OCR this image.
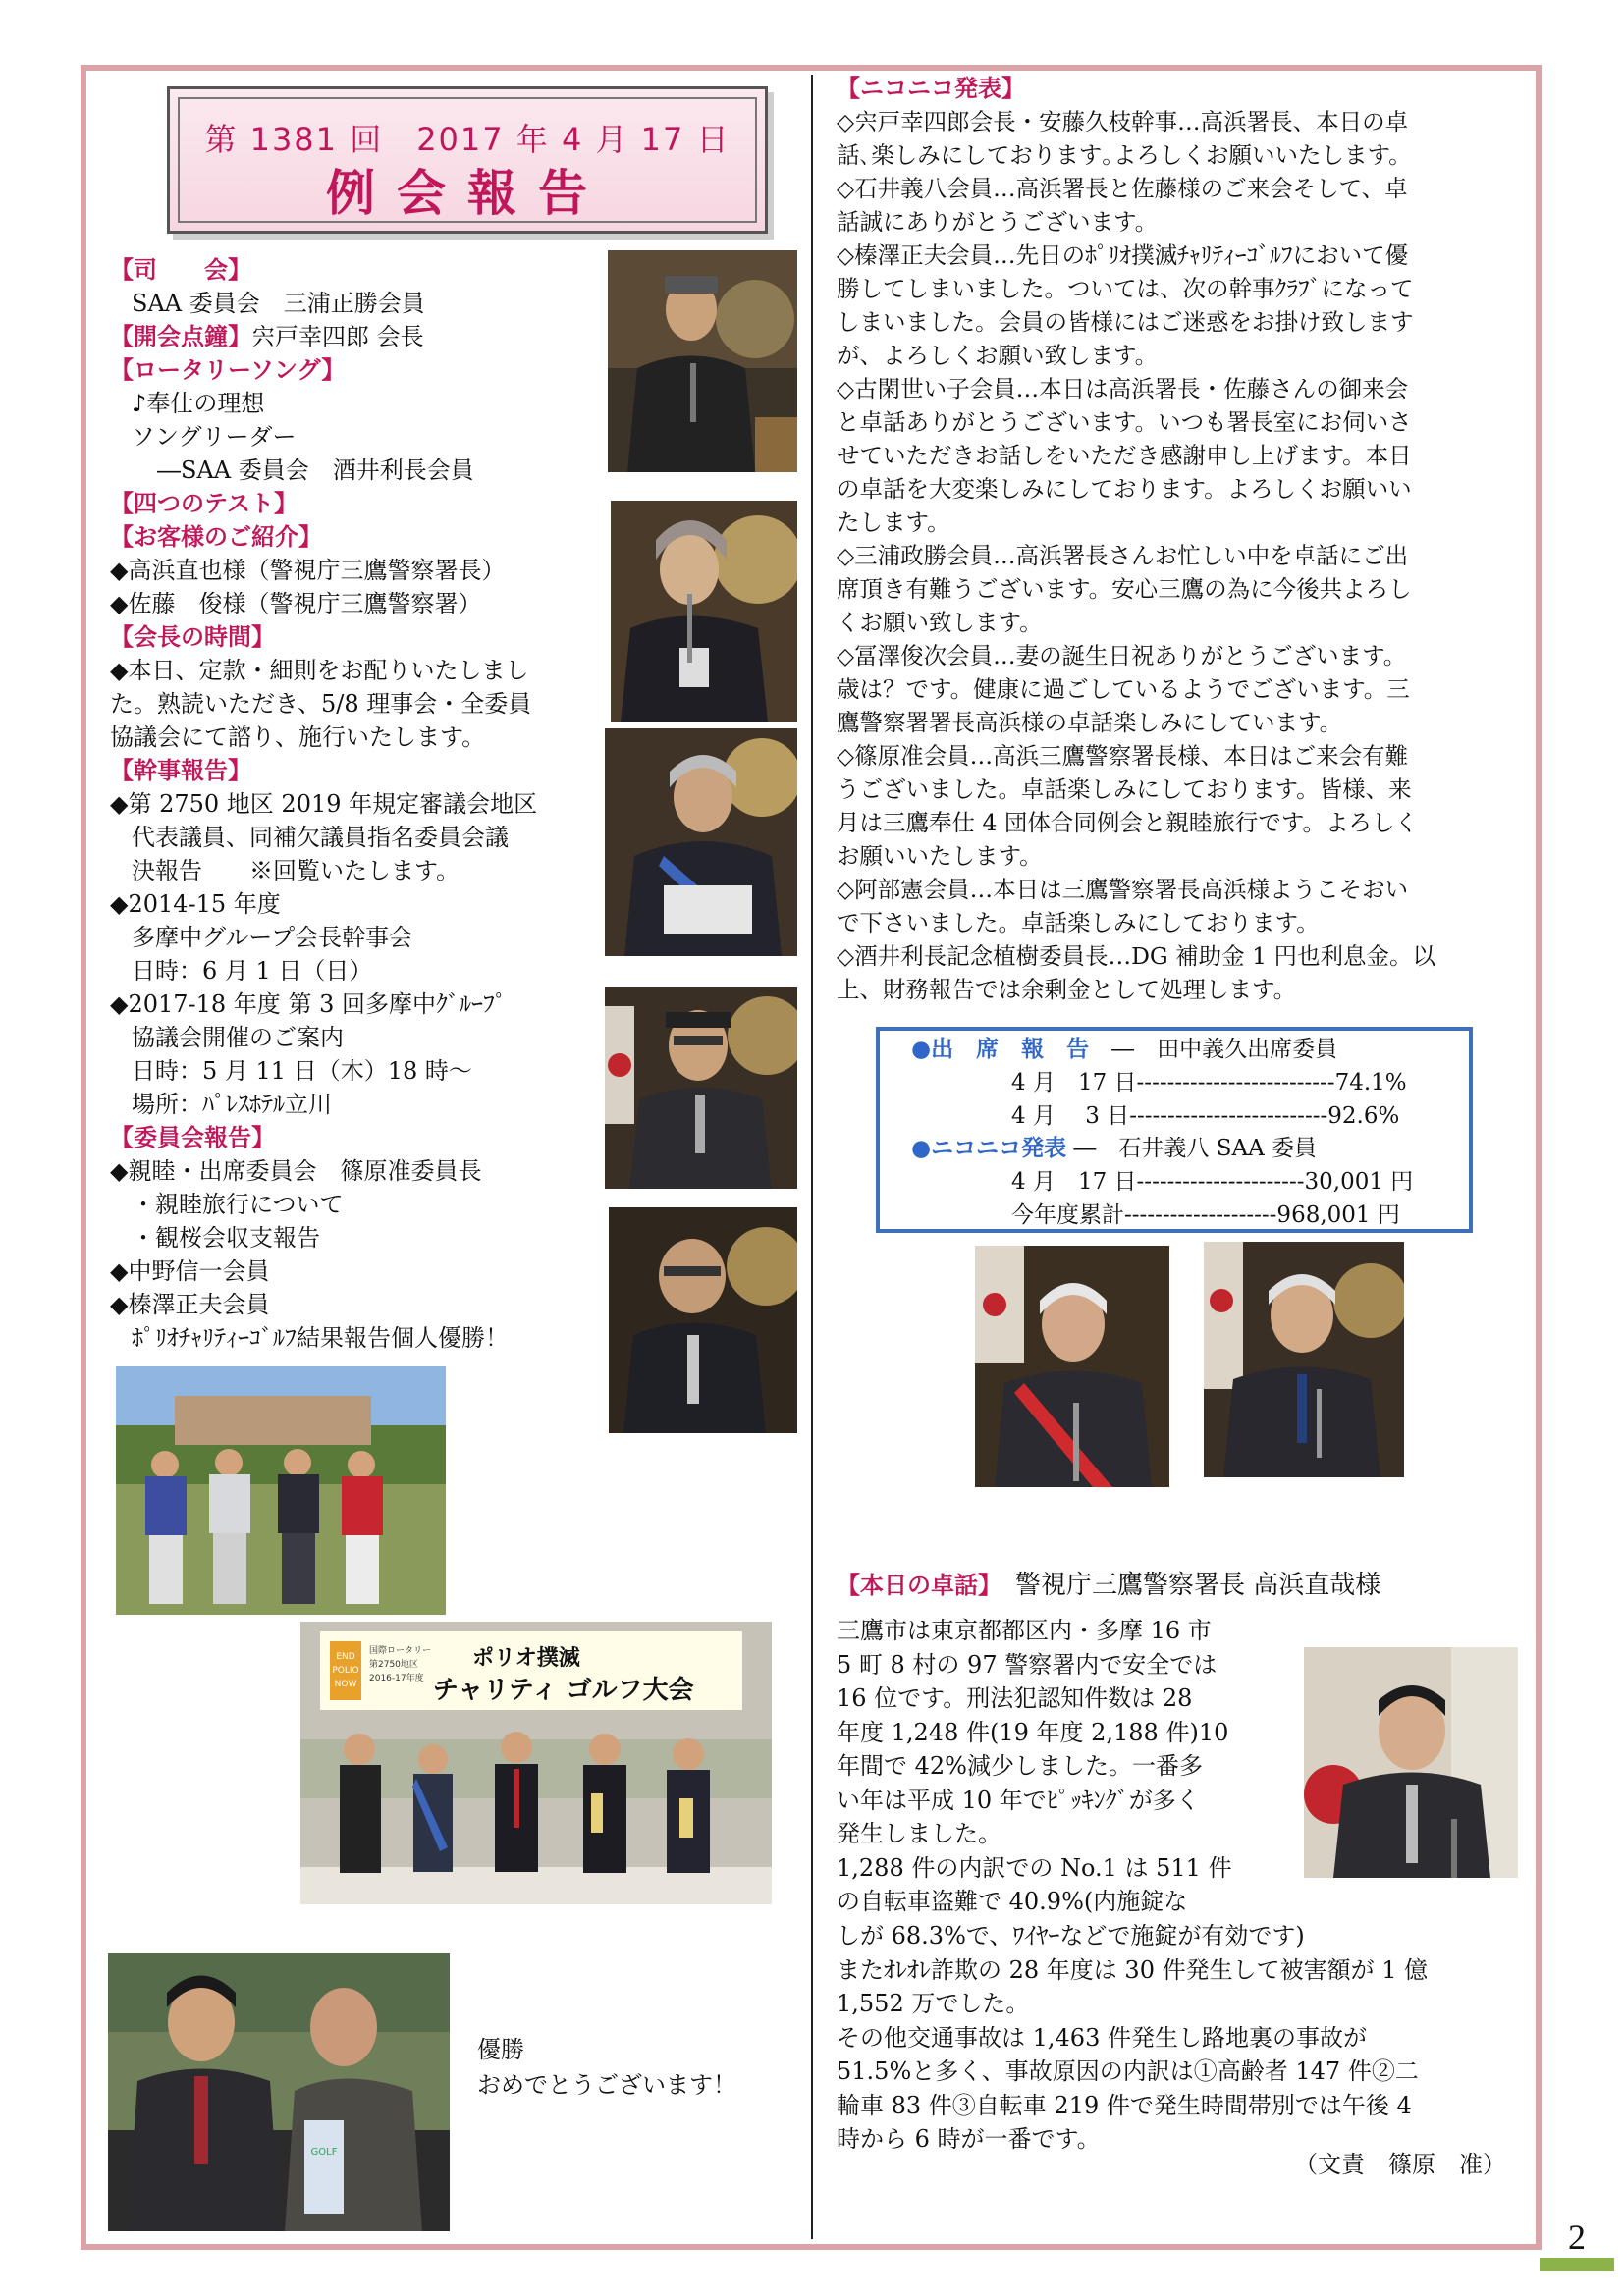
第 1381 回　2017 年 4 月 17 日
例会報告
【司　　会】
SAA 委員会　三浦正勝会員
【開会点鐘】宍戸幸四郎 会長
【ロータリーソング】
♪奉仕の理想
ソングリーダー
―SAA 委員会　酒井利長会員
【四つのテスト】
【お客様のご紹介】
◆高浜直也様（警視庁三鷹警察署長）
◆佐藤　俊様（警視庁三鷹警察署）
【会長の時間】
◆本日、定款・細則をお配りいたしまし
た。熟読いただき、5/8 理事会・全委員
協議会にて諮り、施行いたします。
【幹事報告】
◆第 2750 地区 2019 年規定審議会地区
代表議員、同補欠議員指名委員会議
決報告　　※回覧いたします。
◆2014-15 年度
多摩中グループ会長幹事会
日時：6 月 1 日（日）
◆2017-18 年度 第 3 回多摩中ｸﾞﾙｰﾌﾟ
協議会開催のご案内
日時：5 月 11 日（木）18 時～
場所：ﾊﾟﾚｽﾎﾃﾙ立川
【委員会報告】
◆親睦・出席委員会　篠原准委員長
・親睦旅行について
・観桜会収支報告
◆中野信一会員
◆榛澤正夫会員
ﾎﾟﾘｵﾁｬﾘﾃｨｰｺﾞﾙﾌ結果報告個人優勝！
【ニコニコ発表】
◇宍戸幸四郎会長・安藤久枝幹事…高浜署長、本日の卓
話､楽しみにしております｡よろしくお願いいたします。
◇石井義八会員…高浜署長と佐藤様のご来会そして、卓
話誠にありがとうございます。
◇榛澤正夫会員…先日のﾎﾟﾘｵ撲滅ﾁｬﾘﾃｨｰｺﾞﾙﾌにおいて優
勝してしまいました。ついては、次の幹事ｸﾗﾌﾞになって
しまいました。会員の皆様にはご迷惑をお掛け致します
が、よろしくお願い致します。
◇古閑世い子会員…本日は高浜署長・佐藤さんの御来会
と卓話ありがとうございます。いつも署長室にお伺いさ
せていただきお話しをいただき感謝申し上げます。本日
の卓話を大変楽しみにしております。よろしくお願いい
たします。
◇三浦政勝会員…高浜署長さんお忙しい中を卓話にご出
席頂き有難うございます。安心三鷹の為に今後共よろし
くお願い致します。
◇冨澤俊次会員…妻の誕生日祝ありがとうございます。
歳は？です。健康に過ごしているようでございます。三
鷹警察署署長高浜様の卓話楽しみにしています。
◇篠原准会員…高浜三鷹警察署長様、本日はご来会有難
うございました。卓話楽しみにしております。皆様、来
月は三鷹奉仕 4 団体合同例会と親睦旅行です。よろしく
お願いいたします。
◇阿部憲会員…本日は三鷹警察署長高浜様ようこそおい
で下さいました。卓話楽しみにしております。
◇酒井利長記念植樹委員長…DG 補助金 1 円也利息金。以
上、財務報告では余剰金として処理します。
END
POLIO
NOW
国際ロータリー
第2750地区
2016-17年度
ポリオ撲滅
チャリティ ゴルフ大会
GOLF
優勝
おめでとうございます！
●出　席　報　告　―　田中義久出席委員
4 月　17 日--------------------------74.1%
4 月　 3 日--------------------------92.6%
●ニコニコ発表 ―　石井義八 SAA 委員
4 月　17 日----------------------30,001 円
今年度累計--------------------968,001 円
【本日の卓話】　警視庁三鷹警察署長 高浜直哉様
三鷹市は東京都都区内・多摩 16 市
5 町 8 村の 97 警察署内で安全では
16 位です。刑法犯認知件数は 28
年度 1,248 件(19 年度 2,188 件)10
年間で 42%減少しました。一番多
い年は平成 10 年でﾋﾟｯｷﾝｸﾞが多く
発生しました。
1,288 件の内訳での No.1 は 511 件
の自転車盗難で 40.9%(内施錠な
しが 68.3%で、ﾜｲﾔｰなどで施錠が有効です)
またｵﾚｵﾚ詐欺の 28 年度は 30 件発生して被害額が 1 億
1,552 万でした。
その他交通事故は 1,463 件発生し路地裏の事故が
51.5%と多く、事故原因の内訳は①高齢者 147 件②二
輪車 83 件③自転車 219 件で発生時間帯別では午後 4
時から 6 時が一番です。
（文責　篠原　准）
2
